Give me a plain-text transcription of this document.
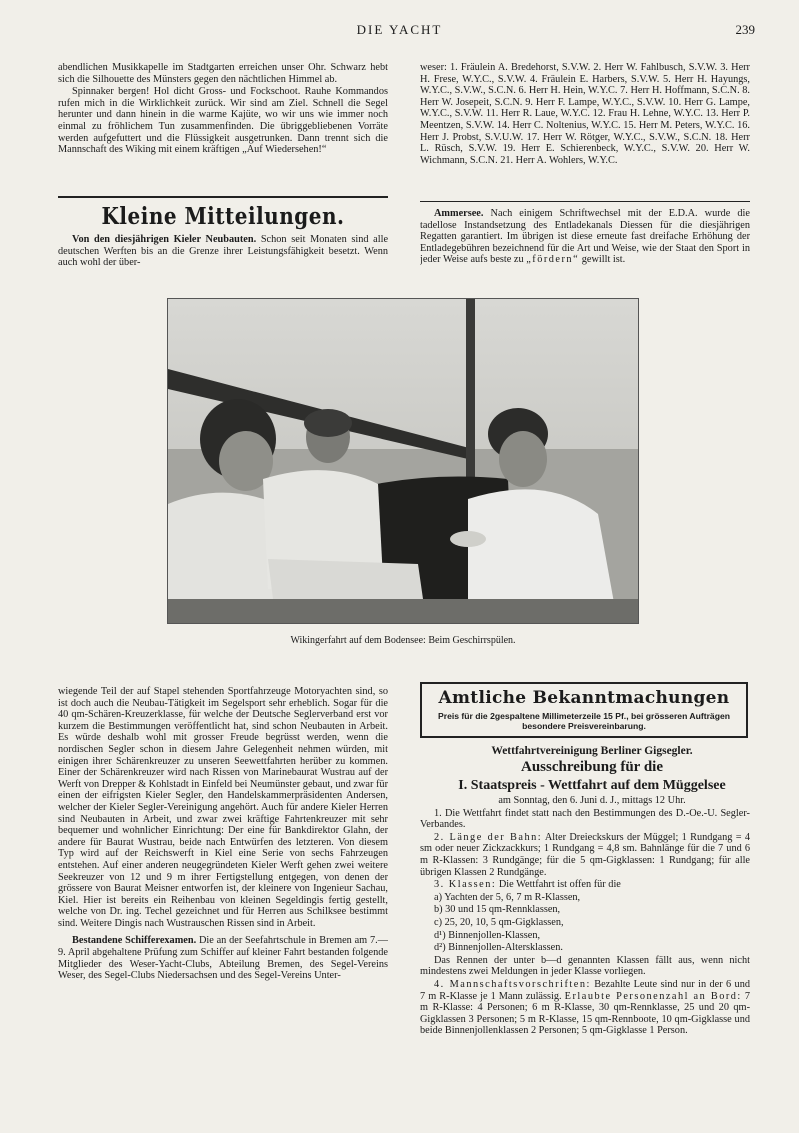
DIE YACHT	239

abendlichen Musikkapelle im Stadtgarten erreichen unser Ohr. Schwarz hebt sich die Silhouette des Münsters gegen den nächtlichen Himmel ab.

Spinnaker bergen! Hol dicht Gross- und Fockschoot. Rauhe Kommandos rufen mich in die Wirklichkeit zurück. Wir sind am Ziel. Schnell die Segel herunter und dann hinein in die warme Kajüte, wo wir uns wie immer noch einmal zu fröhlichem Tun zusammenfinden. Die übriggebliebenen Vorräte werden aufgefuttert und die Flüssigkeit ausgetrunken. Dann trennt sich die Mannschaft des Wiking mit einem kräftigen „Auf Wiedersehen!“

Kleine Mitteilungen.

Von den diesjährigen Kieler Neubauten. Schon seit Monaten sind alle deutschen Werften bis an die Grenze ihrer Leistungsfähigkeit besetzt. Wenn auch wohl der über-

weser: 1. Fräulein A. Bredehorst, S.V.W. 2. Herr W. Fahlbusch, S.V.W. 3. Herr H. Frese, W.Y.C., S.V.W. 4. Fräulein E. Harbers, S.V.W. 5. Herr H. Hayungs, W.Y.C., S.V.W., S.C.N. 6. Herr H. Hein, W.Y.C. 7. Herr H. Hoffmann, S.C.N. 8. Herr W. Josepeit, S.C.N. 9. Herr F. Lampe, W.Y.C., S.V.W. 10. Herr G. Lampe, W.Y.C., S.V.W. 11. Herr R. Laue, W.Y.C. 12. Frau H. Lehne, W.Y.C. 13. Herr P. Meentzen, S.V.W. 14. Herr C. Noltenius, W.Y.C. 15. Herr M. Peters, W.Y.C. 16. Herr J. Probst, S.V.U.W. 17. Herr W. Rötger, W.Y.C., S.V.W., S.C.N. 18. Herr L. Rüsch, S.V.W. 19. Herr E. Schierenbeck, W.Y.C., S.V.W. 20. Herr W. Wichmann, S.C.N. 21. Herr A. Wohlers, W.Y.C.

Ammersee. Nach einigem Schriftwechsel mit der E.D.A. wurde die tadellose Instandsetzung des Entladekanals Diessen für die diesjährigen Regatten garantiert. Im übrigen ist diese erneute fast dreifache Erhöhung der Entladegebühren bezeichnend für die Art und Weise, wie der Staat den Sport in jeder Weise aufs beste zu „fördern“ gewillt ist.

Wikingerfahrt auf dem Bodensee: Beim Geschirrspülen.

wiegende Teil der auf Stapel stehenden Sportfahrzeuge Motoryachten sind, so ist doch auch die Neubau-Tätigkeit im Segelsport sehr erheblich. Sogar für die 40 qm-Schären-Kreuzerklasse, für welche der Deutsche Seglerverband erst vor kurzem die Bestimmungen veröffentlicht hat, sind schon Neubauten in Arbeit. Es würde deshalb wohl mit grosser Freude begrüsst werden, wenn die nordischen Segler schon in diesem Jahre Gelegenheit nehmen würden, mit einigen ihrer Schärenkreuzer zu unseren Seewettfahrten herüber zu kommen. Einer der Schärenkreuzer wird nach Rissen von Marinebaurat Wustrau auf der Werft von Drepper & Kohlstadt in Einfeld bei Neumünster gebaut, und zwar für einen der eifrigsten Kieler Segler, den Handelskammerpräsidenten Andersen, welcher der Kieler Segler-Vereinigung angehört. Auch für andere Kieler Herren sind Neubauten in Arbeit, und zwar zwei kräftige Fahrtenkreuzer mit sehr bequemer und wohnlicher Einrichtung: Der eine für Bankdirektor Glahn, der andere für Baurat Wustrau, beide nach Entwürfen des letzteren. Von diesem Typ wird auf der Reichswerft in Kiel eine Serie von sechs Fahrzeugen entstehen. Auf einer anderen neugegründeten Kieler Werft gehen zwei weitere Seekreuzer von 12 und 9 m ihrer Fertigstellung entgegen, von denen der grössere von Baurat Meisner entworfen ist, der kleinere von Ingenieur Sachau, Kiel. Hier ist bereits ein Reihenbau von kleinen Segeldingis fertig gestellt, welche von Dr. ing. Techel gezeichnet und für Herren aus Schilksee bestimmt sind. Weitere Dingis nach Wustrauschen Rissen sind in Arbeit.

Bestandene Schifferexamen. Die an der Seefahrtschule in Bremen am 7.—9. April abgehaltene Prüfung zum Schiffer auf kleiner Fahrt bestanden folgende Mitglieder des Weser-Yacht-Clubs, Abteilung Bremen, des Segel-Vereins Weser, des Segel-Clubs Niedersachsen und des Segel-Vereins Unter-

Amtliche Bekanntmachungen
Preis für die 2gespaltene Millimeterzeile 15 Pf., bei grösseren Aufträgen
besondere Preisvereinbarung.

Wettfahrtvereinigung Berliner Gigsegler.

Ausschreibung für die

I. Staatspreis - Wettfahrt auf dem Müggelsee

am Sonntag, den 6. Juni d. J., mittags 12 Uhr.

1. Die Wettfahrt findet statt nach den Bestimmungen des D.-Oe.-U. Segler-Verbandes.

2. Länge der Bahn: Alter Dreieckskurs der Müggel; 1 Rundgang = 4 sm oder neuer Zickzackkurs; 1 Rundgang = 4,8 sm. Bahnlänge für die 7 und 6 m R-Klassen: 3 Rundgänge; für die 5 qm-Gigklassen: 1 Rundgang; für alle übrigen Klassen 2 Rundgänge.

3. Klassen: Die Wettfahrt ist offen für die

a) Yachten der 5, 6, 7 m R-Klassen,

b) 30 und 15 qm-Rennklassen,

c) 25, 20, 10, 5 qm-Gigklassen,

d¹) Binnenjollen-Klassen,

d²) Binnenjollen-Altersklassen.

Das Rennen der unter b—d genannten Klassen fällt aus, wenn nicht mindestens zwei Meldungen in jeder Klasse vorliegen.

4. Mannschaftsvorschriften: Bezahlte Leute sind nur in der 6 und 7 m R-Klasse je 1 Mann zulässig. Erlaubte Personenzahl an Bord: 7 m R-Klasse: 4 Personen; 6 m R-Klasse, 30 qm-Rennklasse, 25 und 20 qm-Gigklassen 3 Personen; 5 m R-Klasse, 15 qm-Rennboote, 10 qm-Gigklasse und beide Binnenjollenklassen 2 Personen; 5 qm-Gigklasse 1 Person.
